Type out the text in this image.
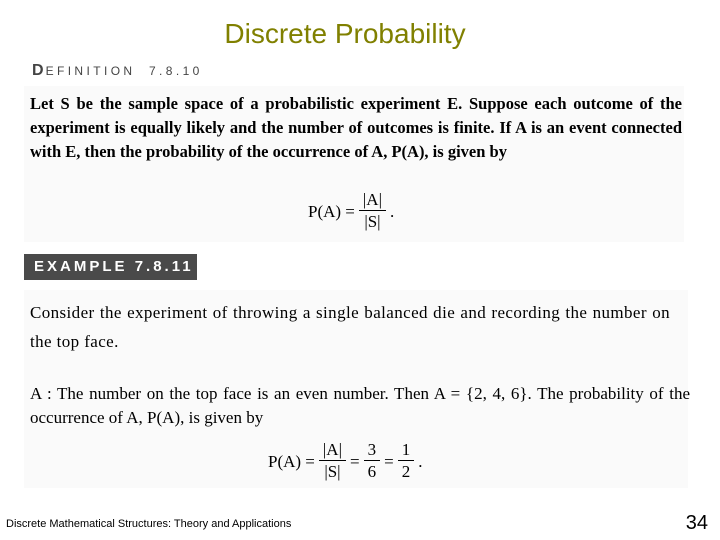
Discrete Probability
DEFINITION 7.8.10
Let S be the sample space of a probabilistic experiment E. Suppose each outcome of the experiment is equally likely and the number of outcomes is finite. If A is an event connected with E, then the probability of the occurrence of A, P(A), is given by
$P(A) = \frac{|A|}{|S|}$ .
EXAMPLE 7.8.11
Consider the experiment of throwing a single balanced die and recording the number on the top face.
A : The number on the top face is an even number. Then A = {2, 4, 6}. The probability of the occurrence of A, P(A), is given by
$P(A) = \frac{|A|}{|S|} = \frac{3}{6} = \frac{1}{2}$ .
Discrete Mathematical Structures: Theory and Applications	34
